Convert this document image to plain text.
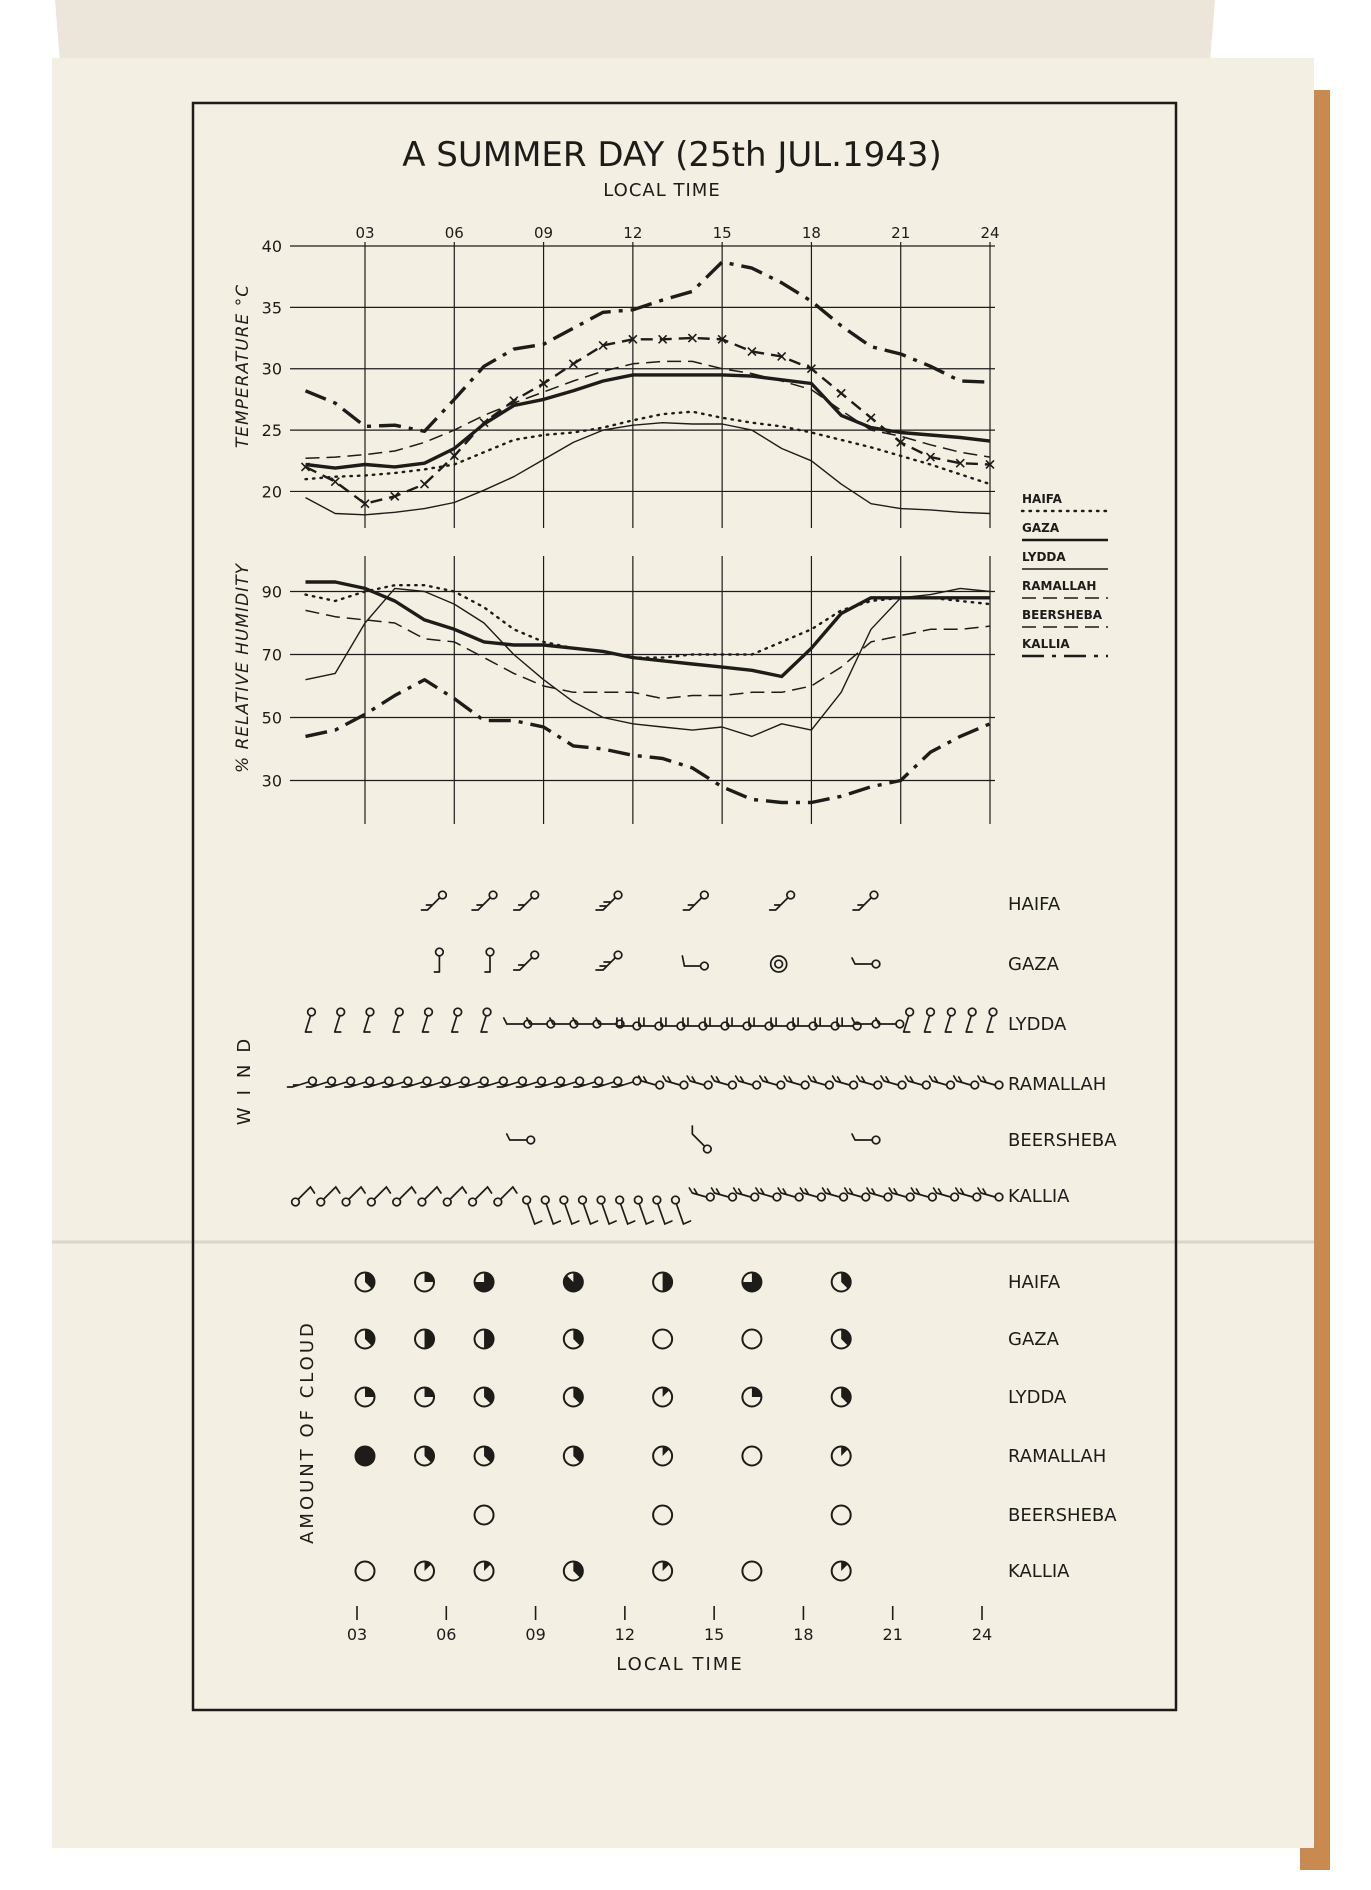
A SUMMER DAY (25th JUL.1943)
LOCAL TIME
03	06	09	12	15	18	21	24
20
25
30
35
40
30
50
70
90
TEMPERATURE °C
% RELATIVE HUMIDITY
HAIFA
GAZA
LYDDA
RAMALLAH
BEERSHEBA
KALLIA
WIND
HAIFA
GAZA
LYDDA
RAMALLAH
BEERSHEBA
KALLIA
AMOUNT OF CLOUD
HAIFA
GAZA
LYDDA
RAMALLAH
BEERSHEBA
KALLIA
03	06	09	12	15	18	21	24
LOCAL TIME
